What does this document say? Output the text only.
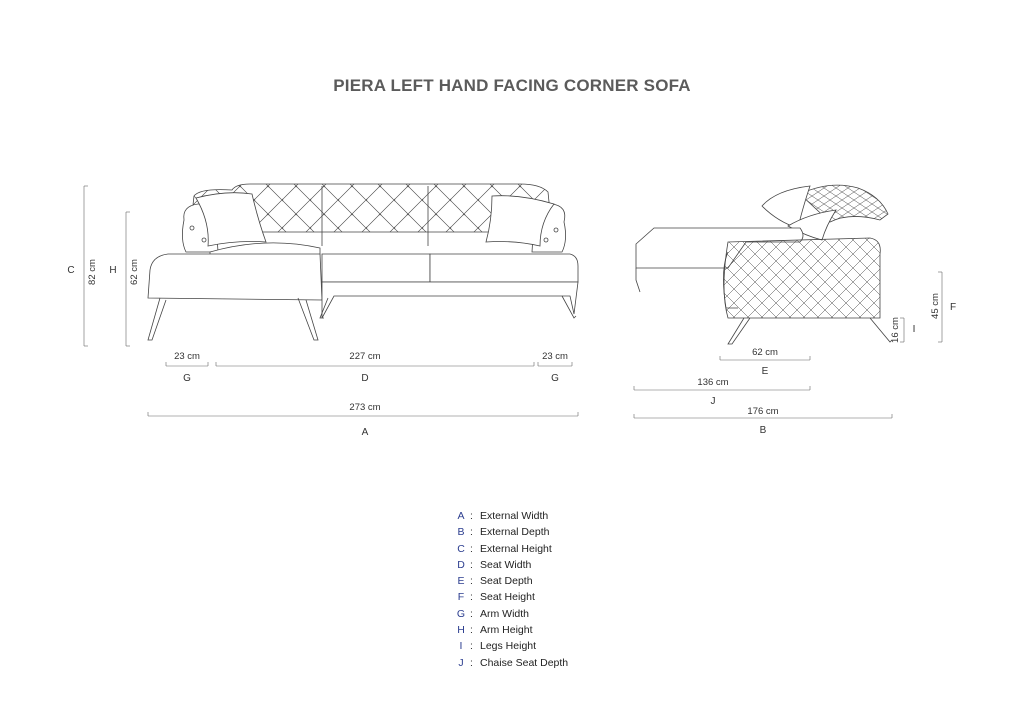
PIERA LEFT HAND FACING CORNER SOFA
C 82 cm H 62 cm
23 cm
G
227 cm
D
23 cm
G
273 cm
A
62 cm
E
136 cm
J
176 cm
B
45 cm F
16 cm I
A : External Width
B : External Depth
C : External Height
D : Seat Width
E : Seat Depth
F : Seat Height
G : Arm Width
H : Arm Height
I : Legs Height
J : Chaise Seat Depth
